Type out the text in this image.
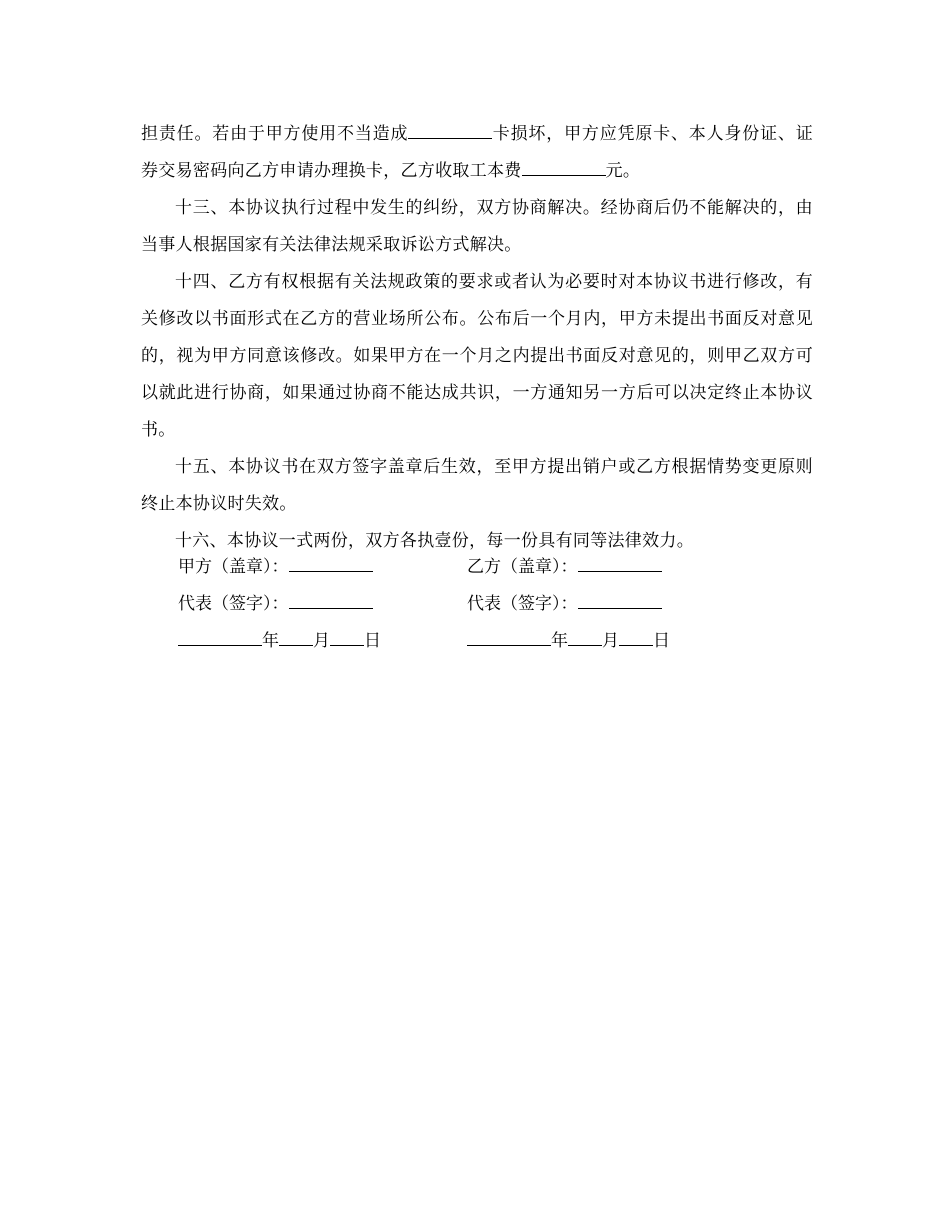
担责任。若由于甲方使用不当造成	卡损坏，甲方应凭原卡、本人身份证、证券交易密码向乙方申请办理换卡，乙方收取工本费	元。

十三、本协议执行过程中发生的纠纷，双方协商解决。经协商后仍不能解决的，由当事人根据国家有关法律法规采取诉讼方式解决。

十四、乙方有权根据有关法规政策的要求或者认为必要时对本协议书进行修改，有关修改以书面形式在乙方的营业场所公布。公布后一个月内，甲方未提出书面反对意见的，视为甲方同意该修改。如果甲方在一个月之内提出书面反对意见的，则甲乙双方可以就此进行协商，如果通过协商不能达成共识，一方通知另一方后可以决定终止本协议书。

十五、本协议书在双方签字盖章后生效，至甲方提出销户或乙方根据情势变更原则终止本协议时失效。

十六、本协议一式两份，双方各执壹份，每一份具有同等法律效力。

甲方（盖章）：

代表（签字）：

年 月 日

乙方（盖章）：

代表（签字）：

年 月 日
